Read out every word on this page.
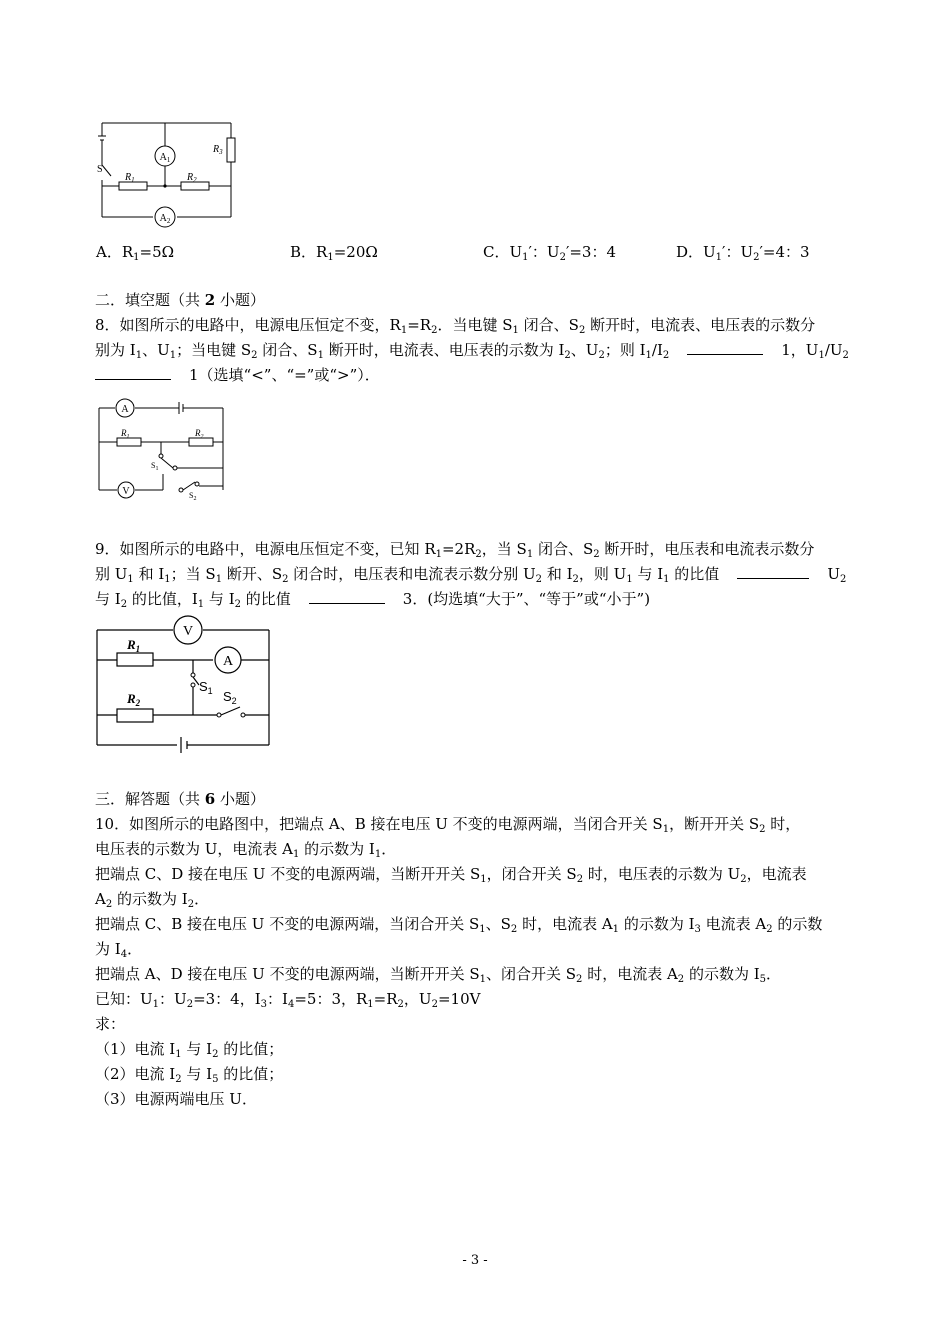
$A_1$
$A_2$
$R_1$	$R_2$
$R_3$
S
A．$R_1=5\Omega$	B．$R_1=20\Omega$	C．$U_1'$：$U_2'=3$：4	D．$U_1'$：$U_2'=4$：3
二．填空题（共 2 小题）
8．如图所示的电路中，电源电压恒定不变，$R_1=R_2$．当电键 $S_1$ 闭合、$S_2$ 断开时，电流表、电压表的示数分
别为 $I_1$、$U_1$；当电键 $S_2$ 闭合、$S_1$ 断开时，电流表、电压表的示数为 $I_2$、$U_2$；则 $I_1/I_2$	1，$U_1/U_2$
1（选填“<”、“=”或“>”）．
A
V
$R_1$	$R_2$
$S_1$
$S_2$
9．如图所示的电路中，电源电压恒定不变，已知 $R_1=2R_2$，当 $S_1$ 闭合、$S_2$ 断开时，电压表和电流表示数分
别 $U_1$ 和 $I_1$；当 $S_1$ 断开、$S_2$ 闭合时，电压表和电流表示数分别 $U_2$ 和 $I_2$，则 $U_1$ 与 $I_1$ 的比值	$U_2$
与 $I_2$ 的比值，$I_1$ 与 $I_2$ 的比值	3．(均选填“大于”、“等于”或“小于”)
V
A
$R_1$
$R_2$
$S_1$ $S_2$
三．解答题（共 6 小题）
10．如图所示的电路图中，把端点 A、B 接在电压 U 不变的电源两端，当闭合开关 $S_1$，断开开关 $S_2$ 时，
电压表的示数为 U，电流表 $A_1$ 的示数为 $I_1$．
把端点 C、D 接在电压 U 不变的电源两端，当断开开关 $S_1$，闭合开关 $S_2$ 时，电压表的示数为 $U_2$，电流表
$A_2$ 的示数为 $I_2$．
把端点 C、B 接在电压 U 不变的电源两端，当闭合开关 $S_1$、$S_2$ 时，电流表 $A_1$ 的示数为 $I_3$ 电流表 $A_2$ 的示数
为 $I_4$．
把端点 A、D 接在电压 U 不变的电源两端，当断开开关 $S_1$、闭合开关 $S_2$ 时，电流表 $A_2$ 的示数为 $I_5$．
已知：$U_1$：$U_2=3$：4，$I_3$：$I_4=5$：3，$R_1=R_2$，$U_2=10V$
求：
（1）电流 $I_1$ 与 $I_2$ 的比值；
（2）电流 $I_2$ 与 $I_5$ 的比值；
（3）电源两端电压 U．
- 3 -
